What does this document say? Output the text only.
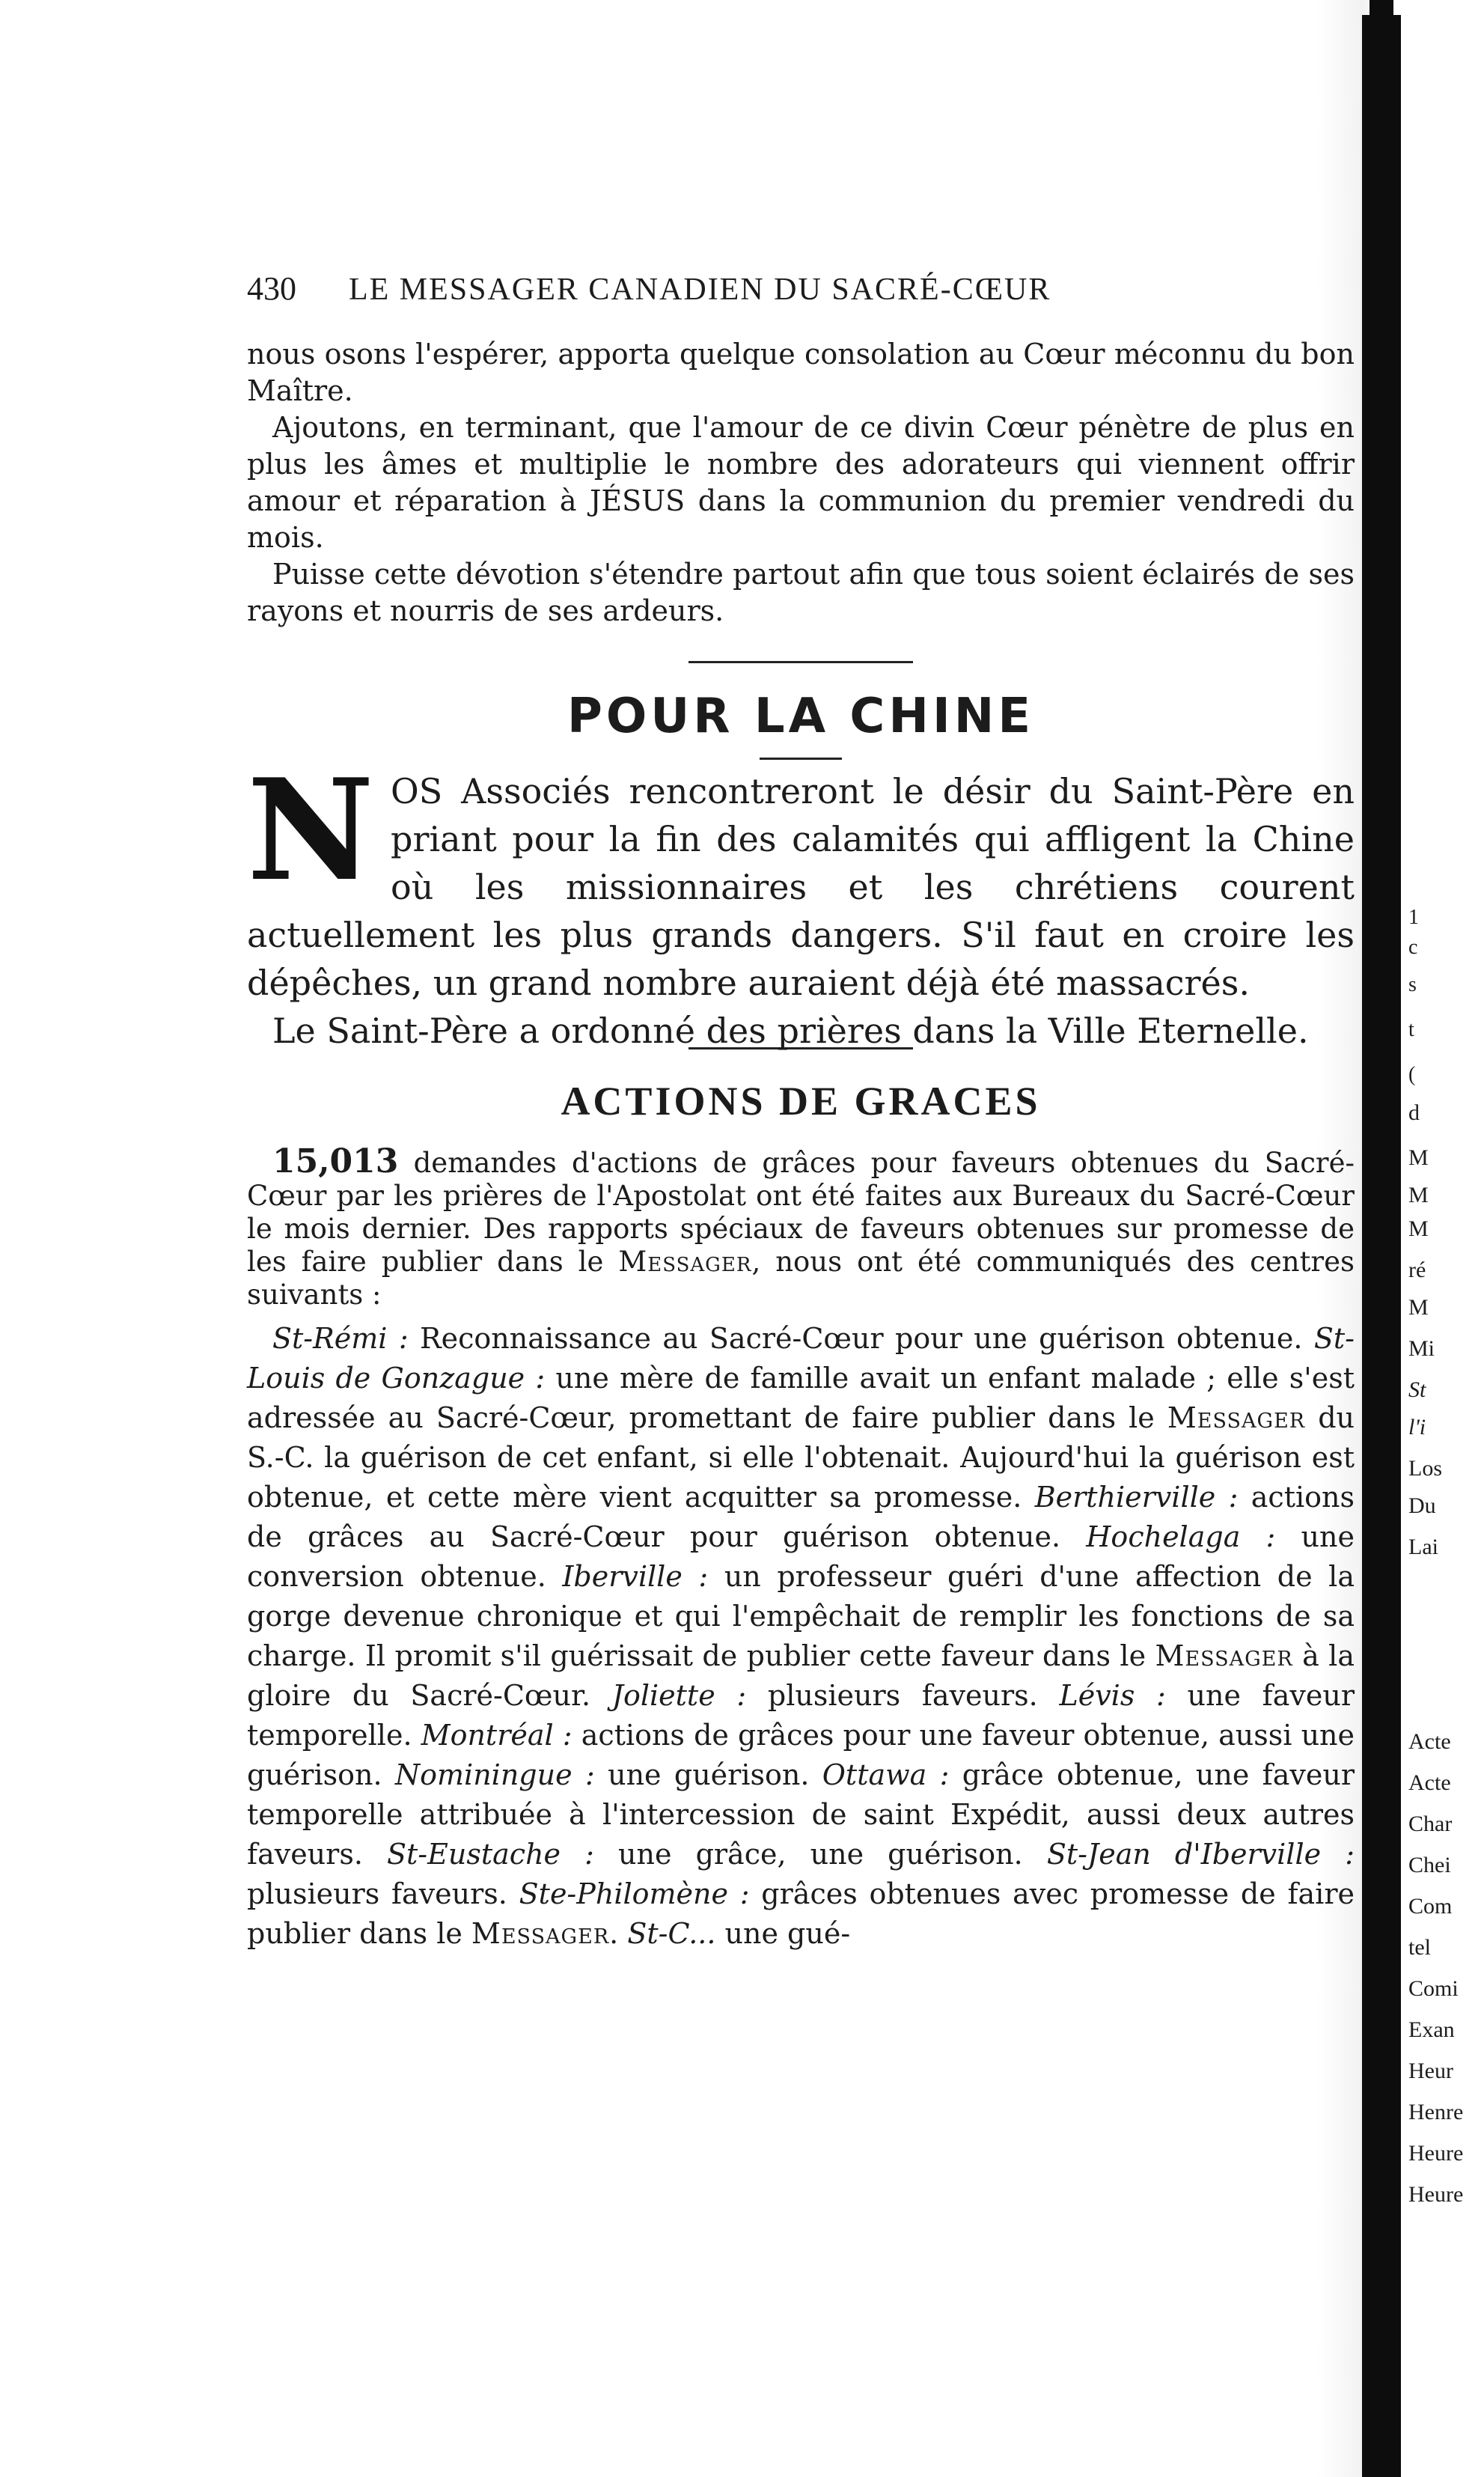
430 LE MESSAGER CANADIEN DU SACRÉ-CŒUR

nous osons l'espérer, apporta quelque consolation au Cœur méconnu du bon Maître.

Ajoutons, en terminant, que l'amour de ce divin Cœur pénètre de plus en plus les âmes et multiplie le nombre des adorateurs qui viennent offrir amour et réparation à JÉSUS dans la communion du premier vendredi du mois.

Puisse cette dévotion s'étendre partout afin que tous soient éclairés de ses rayons et nourris de ses ardeurs.

POUR LA CHINE
N OS Associés rencontreront le désir du Saint-Père en priant pour la fin des calamités qui affligent la Chine où les missionnaires et les chrétiens courent actuellement les plus grands dangers. S'il faut en croire les dépêches, un grand nombre auraient déjà été massacrés.

Le Saint-Père a ordonné des prières dans la Ville Eternelle.

ACTIONS DE GRACES

15,013 demandes d'actions de grâces pour faveurs obtenues du Sacré-Cœur par les prières de l'Apostolat ont été faites aux Bureaux du Sacré-Cœur le mois dernier. Des rapports spéciaux de faveurs obtenues sur promesse de les faire publier dans le Messager, nous ont été communiqués des centres suivants :

St-Rémi : Reconnaissance au Sacré-Cœur pour une guérison obtenue. St-Louis de Gonzague : une mère de famille avait un enfant malade ; elle s'est adressée au Sacré-Cœur, promettant de faire publier dans le Messager du S.-C. la guérison de cet enfant, si elle l'obtenait. Aujourd'hui la guérison est obtenue, et cette mère vient acquitter sa promesse. Berthierville : actions de grâces au Sacré-Cœur pour guérison obtenue. Hochelaga : une conversion obtenue. Iberville : un professeur guéri d'une affection de la gorge devenue chronique et qui l'empêchait de remplir les fonctions de sa charge. Il promit s'il guérissait de publier cette faveur dans le Messager à la gloire du Sacré-Cœur. Joliette : plusieurs faveurs. Lévis : une faveur temporelle. Montréal : actions de grâces pour une faveur obtenue, aussi une guérison. Nominingue : une guérison. Ottawa : grâce obtenue, une faveur temporelle attribuée à l'intercession de saint Expédit, aussi deux autres faveurs. St-Eustache : une grâce, une guérison. St-Jean d'Iberville : plusieurs faveurs. Ste-Philomène : grâces obtenues avec promesse de faire publier dans le Messager. St-C... une gué-

1
c
s
t
(
d
M
M
M
ré
M
Mi
St
l'i
Los
Du
Lai
Acte
Acte
Char
Chei
Com
tel
Comi
Exan
Heur
Henre
Heure
Heure
